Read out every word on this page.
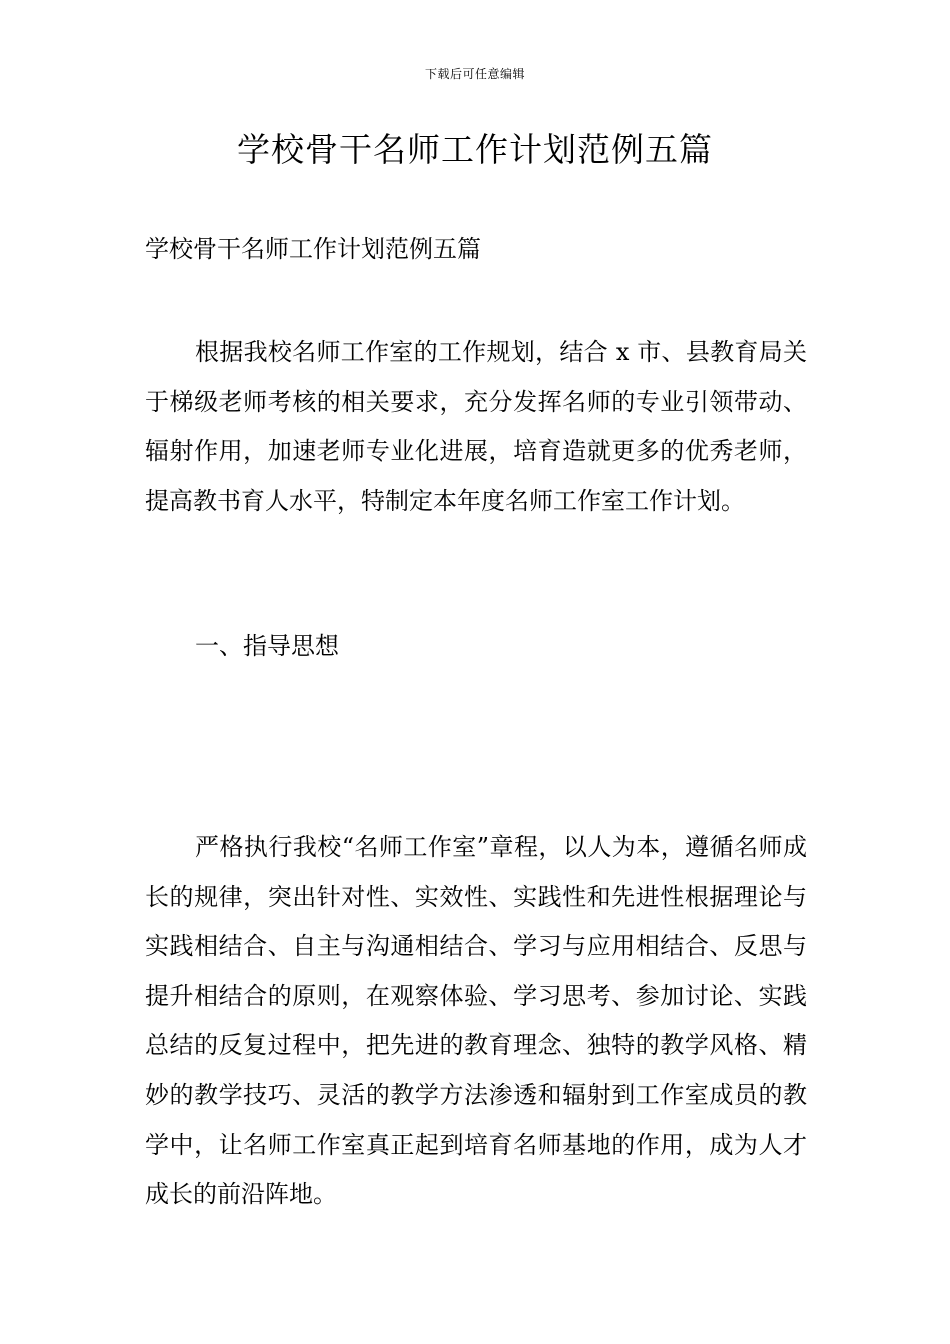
下载后可任意编辑
学校骨干名师工作计划范例五篇
学校骨干名师工作计划范例五篇

根据我校名师工作室的工作规划，结合 x 市、县教育局关于梯级老师考核的相关要求，充分发挥名师的专业引领带动、辐射作用，加速老师专业化进展，培育造就更多的优秀老师，提高教书育人水平，特制定本年度名师工作室工作计划。

一、指导思想

严格执行我校“名师工作室”章程，以人为本，遵循名师成长的规律，突出针对性、实效性、实践性和先进性根据理论与实践相结合、自主与沟通相结合、学习与应用相结合、反思与提升相结合的原则，在观察体验、学习思考、参加讨论、实践总结的反复过程中，把先进的教育理念、独特的教学风格、精妙的教学技巧、灵活的教学方法渗透和辐射到工作室成员的教学中，让名师工作室真正起到培育名师基地的作用，成为人才成长的前沿阵地。
